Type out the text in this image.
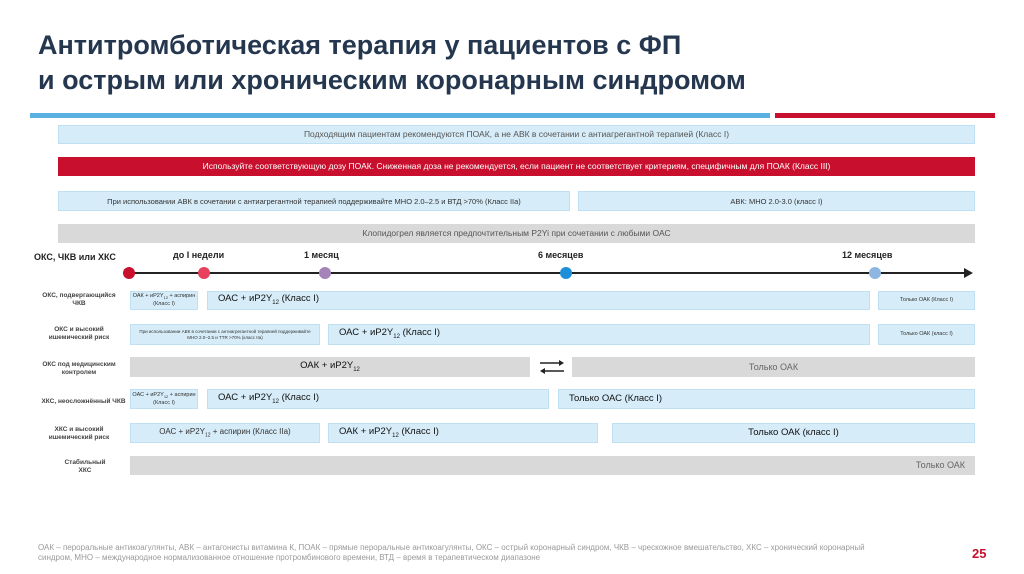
Антитромботическая терапия у пациентов с ФП
и острым или хроническим коронарным синдромом
Подходящим пациентам рекомендуются ПОАК, а не АВК в сочетании с антиагрегантной терапией (Класс I)
Используйте соответствующую дозу ПОАК. Сниженная доза не рекомендуется, если пациент не соответствует критериям, специфичным для ПОАК (Класс III)
При использовании АВК в сочетании с антиагрегантной терапией поддерживайте МНО 2.0–2.5 и ВТД >70% (Класс IIa)	АВК: МНО 2.0-3.0 (класс I)
Клопидогрел является предпочтительным P2Yi при сочетании с любыми ОАС
ОКС, ЧКВ или ХКС	до I недели	1 месяц	6 месяцев	12 месяцев
ОКС, подвергающийся ЧКВ
ОАК + $иР2Y_{12}$ + аспирин (Класс I)	ОАС + $иР2Y_{12}$ (Класс I)	Только ОАК (Класс I)
ОКС и высокий ишемический риск
При использовании АВК в сочетании с антиагрегантной терапией поддерживайте МНО 2.0–2.5 и TTR >70% (класс IIa)	ОАС + $иР2Y_{12}$ (Класс I)	Только ОАК (класс I)
ОКС под медицинским контролем
ОАК + $иР2Y_{12}$	Только ОАК
ХКС, неосложнённый ЧКВ
ОАС + $иР2Y_{12}$ + аспирин (Класс I)	ОАС + $иР2Y_{12}$ (Класс I)	Только ОАС (Класс I)
ХКС и высокий ишемический риск
ОАС + $иР2Y_{12}$ + аспирин (Класс IIa)	ОАК + $иР2Y_{12}$ (Класс I)	Только ОАК (класс I)
Стабильный ХКС
Только ОАК
ОАК – пероральные антикоагулянты, АВК – антагонисты витамина К, ПОАК – прямые пероральные антикоагулянты, ОКС – острый коронарный синдром, ЧКВ – чрескожное вмешательство, ХКС – хронический коронарный синдром, МНО – международное нормализованное отношение протромбинового времени, ВТД – время в терапевтическом диапазоне	25
